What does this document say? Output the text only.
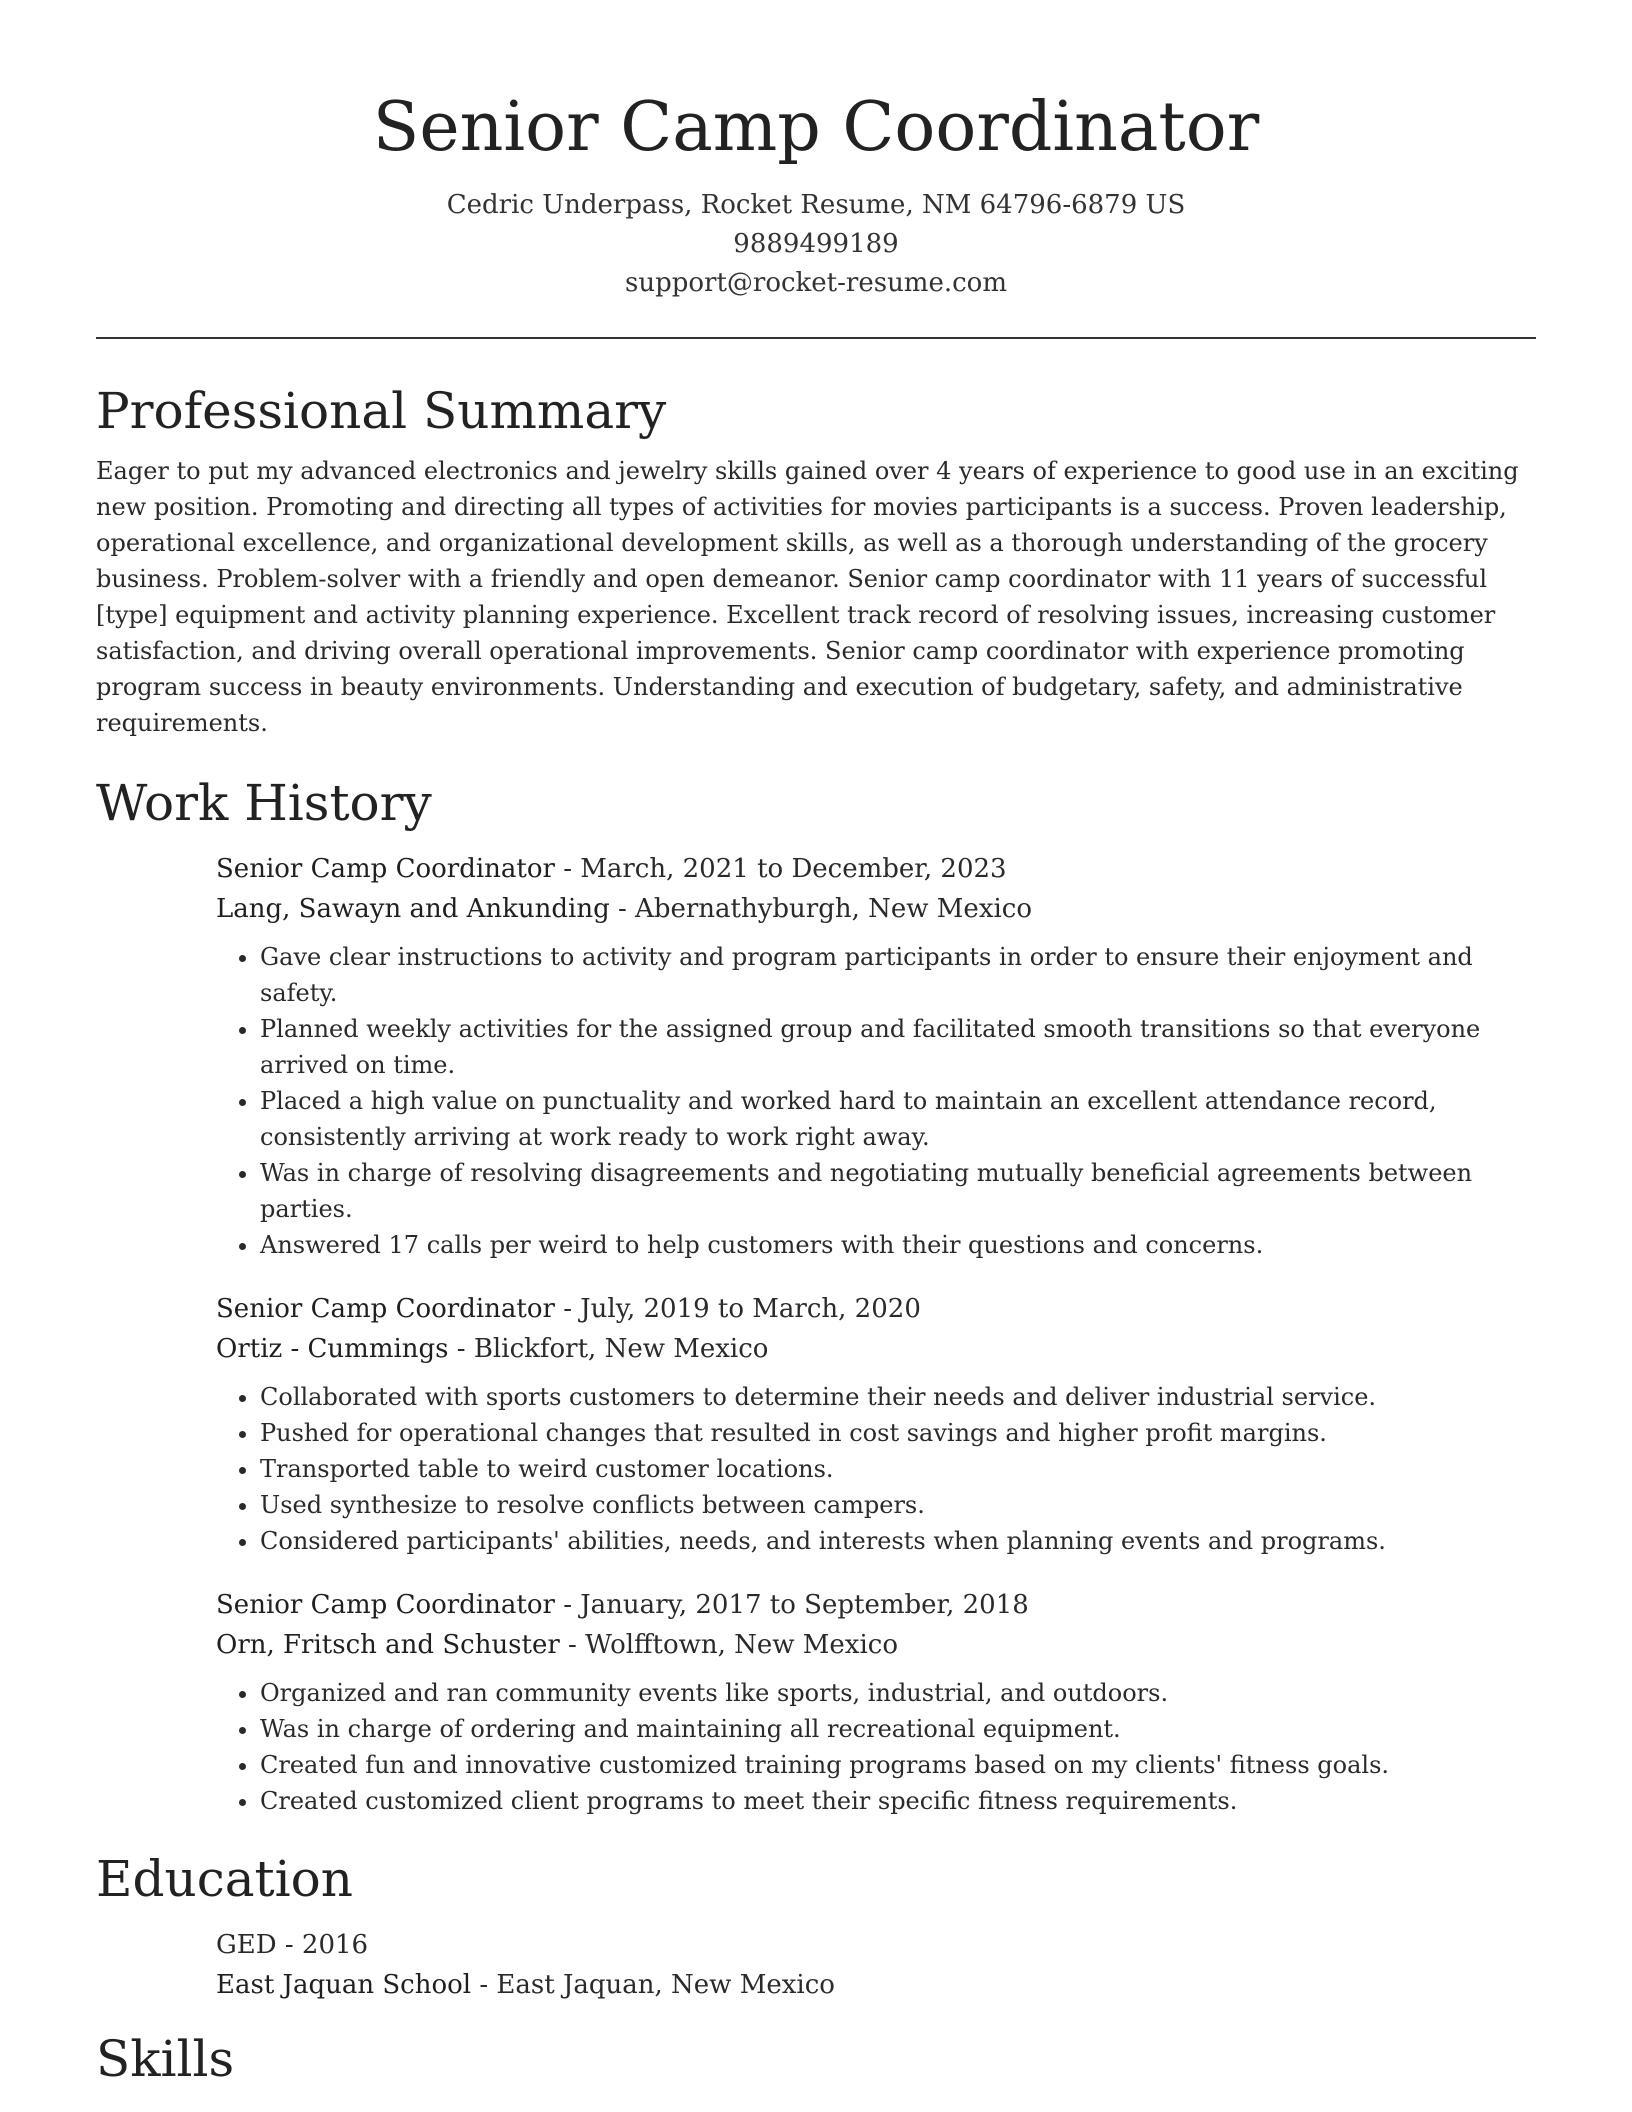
Senior Camp Coordinator
Cedric Underpass, Rocket Resume, NM 64796-6879 US
9889499189
support@rocket-resume.com
Professional Summary

Eager to put my advanced electronics and jewelry skills gained over 4 years of experience to good use in an exciting new position. Promoting and directing all types of activities for movies participants is a success. Proven leadership, operational excellence, and organizational development skills, as well as a thorough understanding of the grocery business. Problem-solver with a friendly and open demeanor. Senior camp coordinator with 11 years of successful [type] equipment and activity planning experience. Excellent track record of resolving issues, increasing customer satisfaction, and driving overall operational improvements. Senior camp coordinator with experience promoting program success in beauty environments. Understanding and execution of budgetary, safety, and administrative requirements.

Work History
Senior Camp Coordinator - March, 2021 to December, 2023
Lang, Sawayn and Ankunding - Abernathyburgh, New Mexico
• Gave clear instructions to activity and program participants in order to ensure their enjoyment and safety.
• Planned weekly activities for the assigned group and facilitated smooth transitions so that everyone arrived on time.
• Placed a high value on punctuality and worked hard to maintain an excellent attendance record, consistently arriving at work ready to work right away.
• Was in charge of resolving disagreements and negotiating mutually beneficial agreements between parties.
• Answered 17 calls per weird to help customers with their questions and concerns.
Senior Camp Coordinator - July, 2019 to March, 2020
Ortiz - Cummings - Blickfort, New Mexico
• Collaborated with sports customers to determine their needs and deliver industrial service.
• Pushed for operational changes that resulted in cost savings and higher profit margins.
• Transported table to weird customer locations.
• Used synthesize to resolve conflicts between campers.
• Considered participants' abilities, needs, and interests when planning events and programs.
Senior Camp Coordinator - January, 2017 to September, 2018
Orn, Fritsch and Schuster - Wolfftown, New Mexico
• Organized and ran community events like sports, industrial, and outdoors.
• Was in charge of ordering and maintaining all recreational equipment.
• Created fun and innovative customized training programs based on my clients' fitness goals.
• Created customized client programs to meet their specific fitness requirements.
Education
GED - 2016
East Jaquan School - East Jaquan, New Mexico
Skills
